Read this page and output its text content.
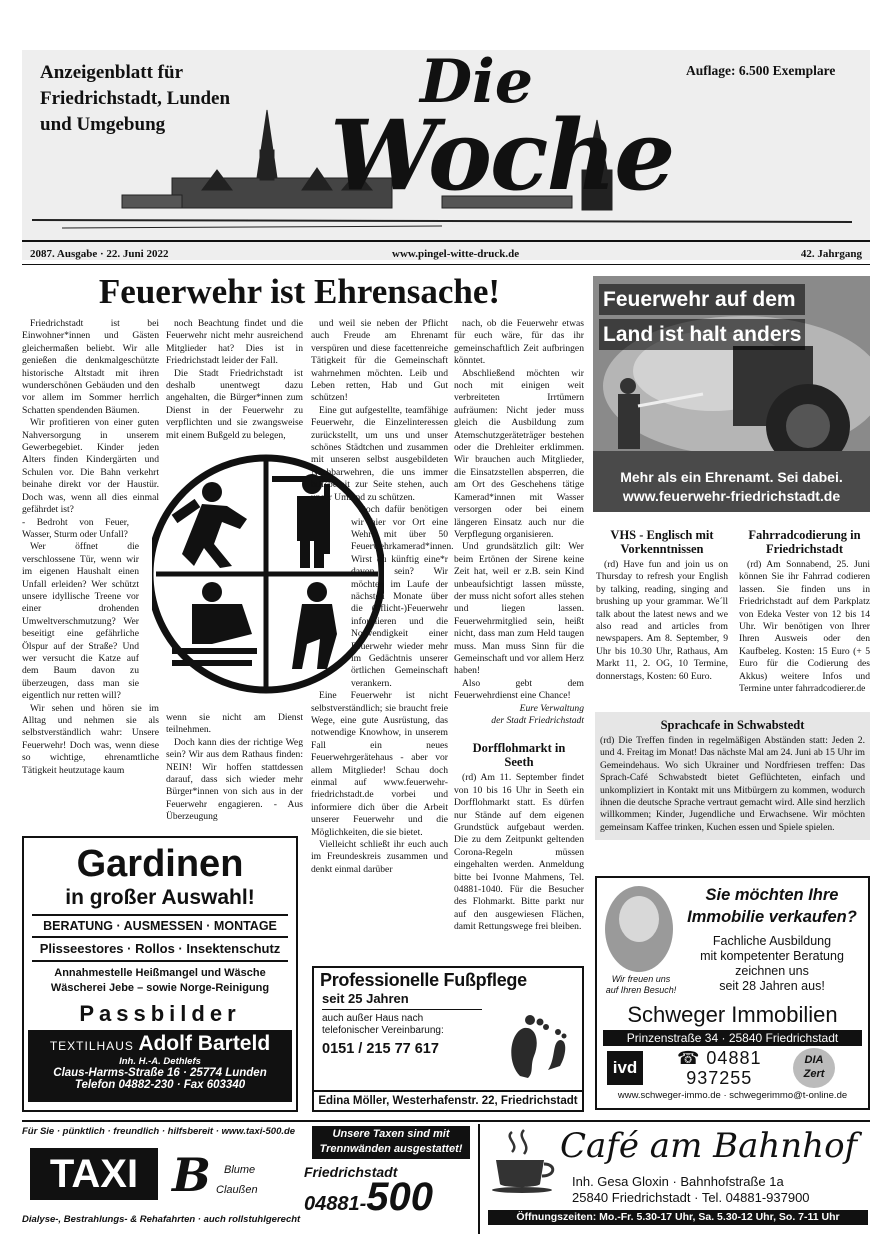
Anzeigenblatt für
Friedrichstadt, Lunden
und Umgebung
Auflage: 6.500 Exemplare
Die
Woche
2087. Ausgabe · 22. Juni 2022	www.pingel-witte-druck.de	42. Jahrgang
Feuerwehr ist Ehrensache!

Friedrichstadt ist bei Einwohner*innen und Gästen gleichermaßen beliebt. Wir alle genießen die denkmalgeschützte historische Altstadt mit ihren wunderschönen Gebäuden und den vor allem im Sommer herrlich Schatten spendenden Bäumen.

Wir profitieren von einer guten Nahversorgung in unserem Gewerbegebiet. Kinder jeden Alters finden Kindergärten und Schulen vor. Die Bahn verkehrt beinahe direkt vor der Haustür. Doch was, wenn all dies einmal gefährdet ist?

- Bedroht von Feuer, Wasser, Sturm oder Unfall?

Wer öffnet die verschlossene Tür, wenn wir im eigenen Haushalt einen Unfall erleiden? Wer schützt unsere idyllische Treene vor einer drohenden Umweltverschmutzung? Wer beseitigt eine gefährliche Ölspur auf der Straße? Und wer versucht die Katze auf dem Baum davon zu überzeugen, dass man sie eigentlich nur retten will?

Wir sehen und hören sie im Alltag und nehmen sie als selbstverständlich wahr: Unsere Feuerwehr! Doch was, wenn diese so wichtige, ehrenamtliche Tätigkeit heutzutage kaum

noch Beachtung findet und die Feuerwehr nicht mehr ausreichend Mitglieder hat? Dies ist in Friedrichstadt leider der Fall.

Die Stadt Friedrichstadt ist deshalb unentwegt dazu angehalten, die Bürger*innen zum Dienst in der Feuerwehr zu verpflichten und sie zwangsweise mit einem Bußgeld zu belegen,

wenn sie nicht am Dienst teilnehmen.

Doch kann dies der richtige Weg sein? Wir aus dem Rathaus finden: NEIN! Wir hoffen stattdessen darauf, dass sich wieder mehr Bürger*innen von sich aus in der Feuerwehr engagieren. - Aus Überzeugung

und weil sie neben der Pflicht auch Freude am Ehrenamt verspüren und diese facettenreiche Tätigkeit für die Gemeinschaft wahrnehmen möchten. Leib und Leben retten, Hab und Gut schützen!

Eine gut aufgestellte, teamfähige Feuerwehr, die Einzelinteressen zurückstellt, um uns und unser schönes Städtchen und zusammen mit unseren selbst ausgebildeten Nachbarwehren, die uns immer hilfsbereit zur Seite stehen, auch unser Umland zu schützen.

Doch dafür benötigen wir hier vor Ort eine Wehr mit über 50 Feuerwehrkamerad*innen. Wirst du künftig eine*r davon sein? Wir möchten im Laufe der nächsten Monate über die (Pflicht-)Feuerwehr informieren und die Notwendigkeit einer Feuerwehr wieder mehr im Gedächtnis unserer örtlichen Gemeinschaft verankern.

Eine Feuerwehr ist nicht selbstverständlich; sie braucht freie Wege, eine gute Ausrüstung, das notwendige Knowhow, in unserem Fall ein neues Feuerwehrgerätehaus - aber vor allem Mitglieder! Schau doch einmal auf www.feuerwehr-friedrichstadt.de vorbei und informiere dich über die Arbeit unserer Feuerwehr und die Möglichkeiten, die sie bietet.

Vielleicht schließt ihr euch auch im Freundeskreis zusammen und denkt einmal darüber

nach, ob die Feuerwehr etwas für euch wäre, für das ihr gemeinschaftlich Zeit aufbringen könntet.

Abschließend möchten wir noch mit einigen weit verbreiteten Irrtümern aufräumen: Nicht jeder muss gleich die Ausbildung zum Atemschutzgeräteträger bestehen oder die Drehleiter erklimmen. Wir brauchen auch Mitglieder, die Einsatzstellen absperren, die am Ort des Geschehens tätige Kamerad*innen mit Wasser versorgen oder bei einem längeren Einsatz auch nur die Verpflegung organisieren.

Und grundsätzlich gilt: Wer beim Ertönen der Sirene keine Zeit hat, weil er z.B. sein Kind unbeaufsichtigt lassen müsste, der muss nicht sofort alles stehen und liegen lassen. Feuerwehrmitglied sein, heißt nicht, dass man zum Held taugen muss. Man muss Sinn für die Gemeinschaft und vor allem Herz haben!

Also gebt dem Feuerwehrdienst eine Chance!

Eure Verwaltung
der Stadt Friedrichstadt
Dorfflohmarkt in Seeth

(rd) Am 11. September findet von 10 bis 16 Uhr in Seeth ein Dorfflohmarkt statt. Es dürfen nur Stände auf dem eigenen Grundstück aufgebaut werden. Die zu dem Zeitpunkt geltenden Corona-Regeln müssen eingehalten werden. Anmeldung bitte bei Ivonne Mahmens, Tel. 04881-1040. Für die Besucher des Flohmarkt. Bitte parkt nur auf den ausgewiesen Flächen, damit Rettungswege frei bleiben.

Feuerwehr auf dem
Land ist halt anders
Mehr als ein Ehrenamt. Sei dabei.
www.feuerwehr-friedrichstadt.de
VHS - Englisch mit Vorkenntnissen

(rd) Have fun and join us on Thursday to refresh your English by talking, reading, singing and brushing up your grammar. We´ll talk about the latest news and we also read and articles from newspapers. Am 8. September, 9 Uhr bis 10.30 Uhr, Rathaus, Am Markt 11, 2. OG, 10 Termine, donnerstags, Kosten: 60 Euro.

Fahrradcodierung in Friedrichstadt

(rd) Am Sonnabend, 25. Juni können Sie ihr Fahrrad codieren lassen. Sie finden uns in Friedrichstadt auf dem Parkplatz von Edeka Vester von 12 bis 14 Uhr. Wir benötigen von Ihrer Ihren Ausweis oder den Kaufbeleg. Kosten: 15 Euro (+ 5 Euro für die Codierung des Akkus) weitere Infos und Termine unter fahrradcodierer.de

Sprachcafe in Schwabstedt

(rd) Die Treffen finden in regelmäßigen Abständen statt: Jeden 2. und 4. Freitag im Monat! Das nächste Mal am 24. Juni ab 15 Uhr im Gemeindehaus. Wo sich Ukrainer und Nordfriesen treffen: Das Sprach-Café Schwabstedt bietet Geflüchteten, einfach und unkompliziert in Kontakt mit uns Mitbürgern zu kommen, wodurch ihnen die deutsche Sprache vertraut gemacht wird. Alle sind herzlich willkommen; Kinder, Jugendliche und Erwachsene. Wir möchten gemeinsam Kaffee trinken, Kuchen essen und Spiele spielen.

Gardinen
in großer Auswahl!
BERATUNG · AUSMESSEN · MONTAGE
Plisseestores · Rollos · Insektenschutz
Annahmestelle Heißmangel und Wäsche
Wäscherei Jebe – sowie Norge-Reinigung
Passbilder
TEXTILHAUS Adolf Barteld
Inh. H.-A. Dethlefs
Claus-Harms-Straße 16 · 25774 Lunden
Telefon 04882-230 · Fax 603340
Professionelle Fußpflege
seit 25 Jahren
auch außer Haus nach
telefonischer Vereinbarung:
0151 / 215 77 617
Edina Möller, Westerhafenstr. 22, Friedrichstadt
Wir freuen uns
auf Ihren Besuch!
Sie möchten Ihre
Immobilie verkaufen?
Fachliche Ausbildung
mit kompetenter Beratung
zeichnen uns
seit 28 Jahren aus!
Schweger Immobilien
Prinzenstraße 34 · 25840 Friedrichstadt
ivd	☎ 04881
937255
DIA
Zert
www.schweger-immo.de · schwegerimmo@t-online.de
Für Sie · pünktlich · freundlich · hilfsbereit · www.taxi-500.de
TAXI B Blume
Claußen
Dialyse-, Bestrahlungs- & Rehafahrten · auch rollstuhlgerecht
Unsere Taxen sind mit
Trennwänden ausgestattet!
Friedrichstadt
04881-500
Café am Bahnhof
Inh. Gesa Gloxin · Bahnhofstraße 1a
25840 Friedrichstadt · Tel. 04881-937900
Öffnungszeiten: Mo.-Fr. 5.30-17 Uhr, Sa. 5.30-12 Uhr, So. 7-11 Uhr
